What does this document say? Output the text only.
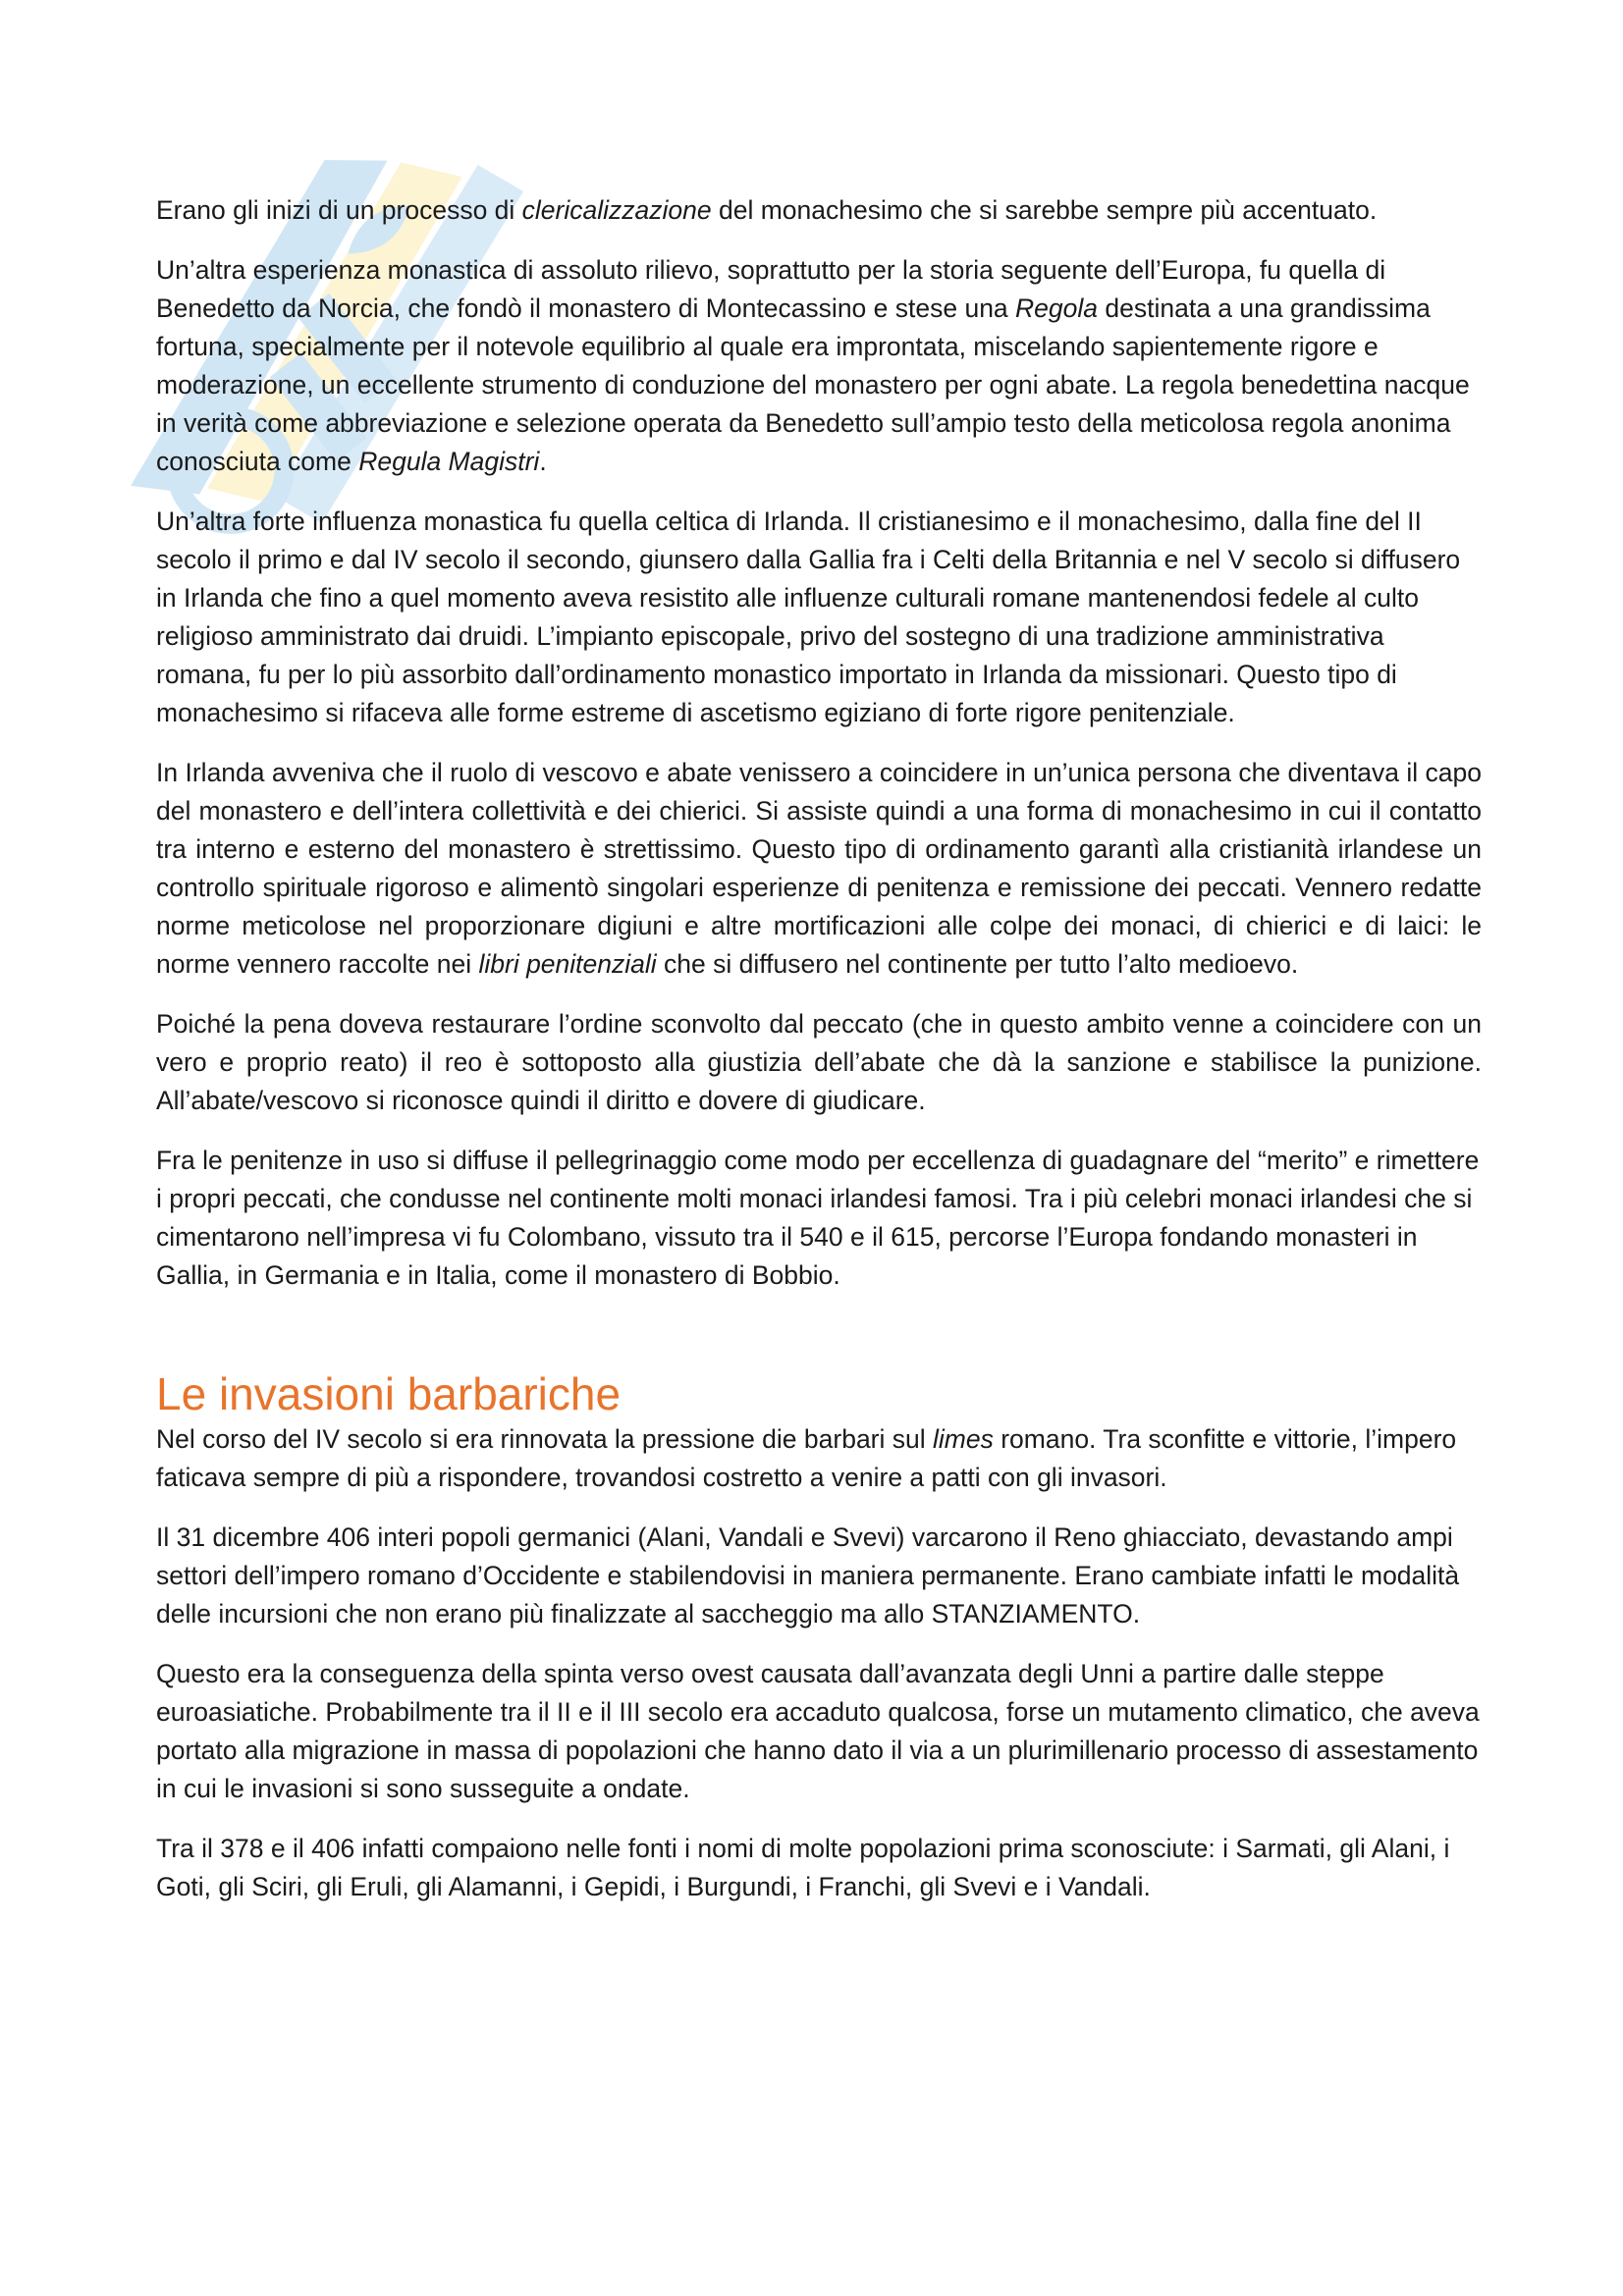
Erano gli inizi di un processo di clericalizzazione del monachesimo che si sarebbe sempre più accentuato.

Un’altra esperienza monastica di assoluto rilievo, soprattutto per la storia seguente dell’Europa, fu quella di Benedetto da Norcia, che fondò il monastero di Montecassino e stese una Regola destinata a una grandissima fortuna, specialmente per il notevole equilibrio al quale era improntata, miscelando sapientemente rigore e moderazione, un eccellente strumento di conduzione del monastero per ogni abate. La regola benedettina nacque in verità come abbreviazione e selezione operata da Benedetto sull’ampio testo della meticolosa regola anonima conosciuta come Regula Magistri.

Un’altra forte influenza monastica fu quella celtica di Irlanda. Il cristianesimo e il monachesimo, dalla fine del II secolo il primo e dal IV secolo il secondo, giunsero dalla Gallia fra i Celti della Britannia e nel V secolo si diffusero in Irlanda che fino a quel momento aveva resistito alle influenze culturali romane mantenendosi fedele al culto religioso amministrato dai druidi. L’impianto episcopale, privo del sostegno di una tradizione amministrativa romana, fu per lo più assorbito dall’ordinamento monastico importato in Irlanda da missionari. Questo tipo di monachesimo si rifaceva alle forme estreme di ascetismo egiziano di forte rigore penitenziale.

In Irlanda avveniva che il ruolo di vescovo e abate venissero a coincidere in un’unica persona che diventava il capo del monastero e dell’intera collettività e dei chierici. Si assiste quindi a una forma di monachesimo in cui il contatto tra interno e esterno del monastero è strettissimo. Questo tipo di ordinamento garantì alla cristianità irlandese un controllo spirituale rigoroso e alimentò singolari esperienze di penitenza e remissione dei peccati. Vennero redatte norme meticolose nel proporzionare digiuni e altre mortificazioni alle colpe dei monaci, di chierici e di laici: le norme vennero raccolte nei libri penitenziali che si diffusero nel continente per tutto l’alto medioevo.

Poiché la pena doveva restaurare l’ordine sconvolto dal peccato (che in questo ambito venne a coincidere con un vero e proprio reato) il reo è sottoposto alla giustizia dell’abate che dà la sanzione e stabilisce la punizione. All’abate/vescovo si riconosce quindi il diritto e dovere di giudicare.

Fra le penitenze in uso si diffuse il pellegrinaggio come modo per eccellenza di guadagnare del “merito” e rimettere i propri peccati, che condusse nel continente molti monaci irlandesi famosi. Tra i più celebri monaci irlandesi che si cimentarono nell’impresa vi fu Colombano, vissuto tra il 540 e il 615, percorse l’Europa fondando monasteri in Gallia, in Germania e in Italia, come il monastero di Bobbio.

Le invasioni barbariche

Nel corso del IV secolo si era rinnovata la pressione die barbari sul limes romano. Tra sconfitte e vittorie, l’impero faticava sempre di più a rispondere, trovandosi costretto a venire a patti con gli invasori.

Il 31 dicembre 406 interi popoli germanici (Alani, Vandali e Svevi) varcarono il Reno ghiacciato, devastando ampi settori dell’impero romano d’Occidente e stabilendovisi in maniera permanente. Erano cambiate infatti le modalità delle incursioni che non erano più finalizzate al saccheggio ma allo STANZIAMENTO.

Questo era la conseguenza della spinta verso ovest causata dall’avanzata degli Unni a partire dalle steppe euroasiatiche. Probabilmente tra il II e il III secolo era accaduto qualcosa, forse un mutamento climatico, che aveva portato alla migrazione in massa di popolazioni che hanno dato il via a un plurimillenario processo di assestamento in cui le invasioni si sono susseguite a ondate.

Tra il 378 e il 406 infatti compaiono nelle fonti i nomi di molte popolazioni prima sconosciute: i Sarmati, gli Alani, i Goti, gli Sciri, gli Eruli, gli Alamanni, i Gepidi, i Burgundi, i Franchi, gli Svevi e i Vandali.
